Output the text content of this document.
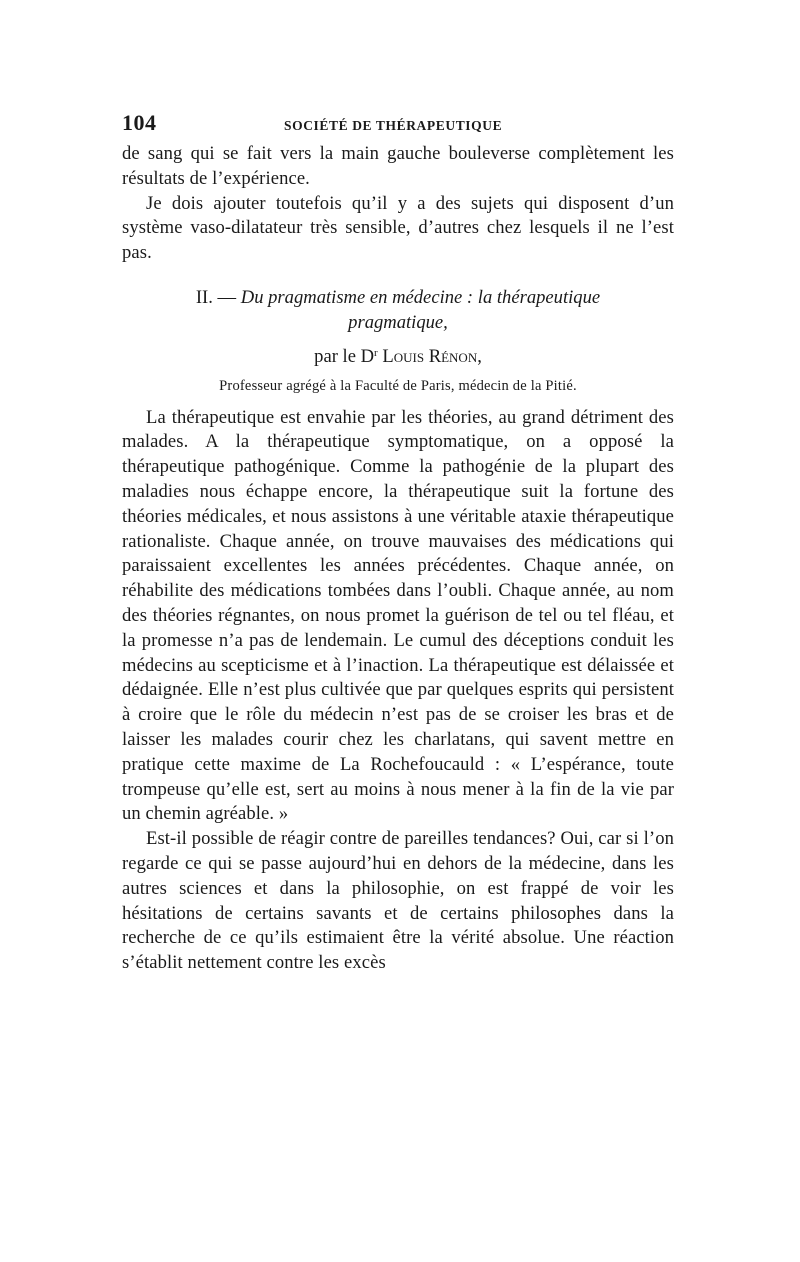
104	SOCIÉTÉ DE THÉRAPEUTIQUE

de sang qui se fait vers la main gauche bouleverse complètement les résultats de l’expérience.

Je dois ajouter toutefois qu’il y a des sujets qui disposent d’un système vaso-dilatateur très sensible, d’autres chez lesquels il ne l’est pas.

II. — Du pragmatisme en médecine : la thérapeutique
pragmatique,
par le $D^r$ Louis Rénon,
Professeur agrégé à la Faculté de Paris, médecin de la Pitié.

La thérapeutique est envahie par les théories, au grand détriment des malades. A la thérapeutique symptomatique, on a opposé la thérapeutique pathogénique. Comme la pathogénie de la plupart des maladies nous échappe encore, la thérapeutique suit la fortune des théories médicales, et nous assistons à une véritable ataxie thérapeutique rationaliste. Chaque année, on trouve mauvaises des médications qui paraissaient excellentes les années précédentes. Chaque année, on réhabilite des médications tombées dans l’oubli. Chaque année, au nom des théories régnantes, on nous promet la guérison de tel ou tel fléau, et la promesse n’a pas de lendemain. Le cumul des déceptions conduit les médecins au scepticisme et à l’inaction. La thérapeutique est délaissée et dédaignée. Elle n’est plus cultivée que par quelques esprits qui persistent à croire que le rôle du médecin n’est pas de se croiser les bras et de laisser les malades courir chez les charlatans, qui savent mettre en pratique cette maxime de La Rochefoucauld : « L’espérance, toute trompeuse qu’elle est, sert au moins à nous mener à la fin de la vie par un chemin agréable. »

Est-il possible de réagir contre de pareilles tendances? Oui, car si l’on regarde ce qui se passe aujourd’hui en dehors de la médecine, dans les autres sciences et dans la philosophie, on est frappé de voir les hésitations de certains savants et de certains philosophes dans la recherche de ce qu’ils estimaient être la vérité absolue. Une réaction s’établit nettement contre les excès
